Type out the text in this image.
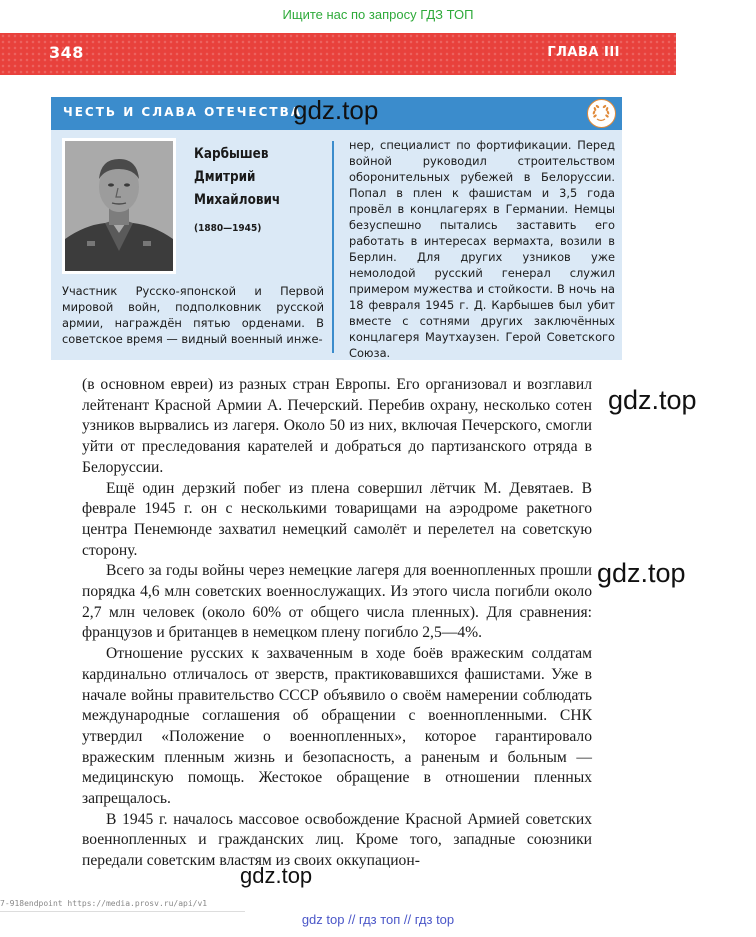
Ищите нас по запросу ГДЗ ТОП
348	ГЛАВА III
ЧЕСТЬ И СЛАВА ОТЕЧЕСТВА
Карбышев
Дмитрий
Михайлович
(1880—1945)
Участник Русско-японской и Первой мировой войн, подполковник русской армии, награждён пятью орденами. В советское время — видный военный инже-
нер, специалист по фортификации. Перед войной руководил строительством оборонительных рубежей в Белоруссии. Попал в плен к фашистам и 3,5 года провёл в концлагерях в Германии. Немцы безуспешно пытались заставить его работать в интересах вермахта, возили в Берлин. Для других узников уже немолодой русский генерал служил примером мужества и стойкости. В ночь на 18 февраля 1945 г. Д. Карбышев был убит вместе с сотнями других заключённых концлагеря Маутхаузен. Герой Советского Союза.
gdz.top
gdz.top
gdz.top
gdz.top

(в основном евреи) из разных стран Европы. Его организовал и возглавил лейтенант Красной Армии А. Печерский. Перебив охрану, несколько сотен узников вырвались из лагеря. Около 50 из них, включая Печерского, смогли уйти от преследования карателей и добраться до партизанского отряда в Белоруссии.

Ещё один дерзкий побег из плена совершил лётчик М. Девятаев. В феврале 1945 г. он с несколькими товарищами на аэродроме ракетного центра Пенемюнде захватил немецкий самолёт и перелетел на советскую сторону.

Всего за годы войны через немецкие лагеря для военнопленных прошли порядка 4,6 млн советских военнослужащих. Из этого числа погибли около 2,7 млн человек (около 60% от общего числа пленных). Для сравнения: французов и британцев в немецком плену погибло 2,5—4%.

Отношение русских к захваченным в ходе боёв вражеским солдатам кардинально отличалось от зверств, практиковавшихся фашистами. Уже в начале войны правительство СССР объявило о своём намерении соблюдать международные соглашения об обращении с военнопленными. СНК утвердил «Положение о военнопленных», которое гарантировало вражеским пленным жизнь и безопасность, а раненым и больным — медицинскую помощь. Жестокое обращение в отношении пленных запрещалось.

В 1945 г. началось массовое освобождение Красной Армией советских военнопленных и гражданских лиц. Кроме того, западные союзники передали советским властям из своих оккупацион-

7-918endpoint https://media.prosv.ru/api/v1
gdz top // гдз топ // гдз top
